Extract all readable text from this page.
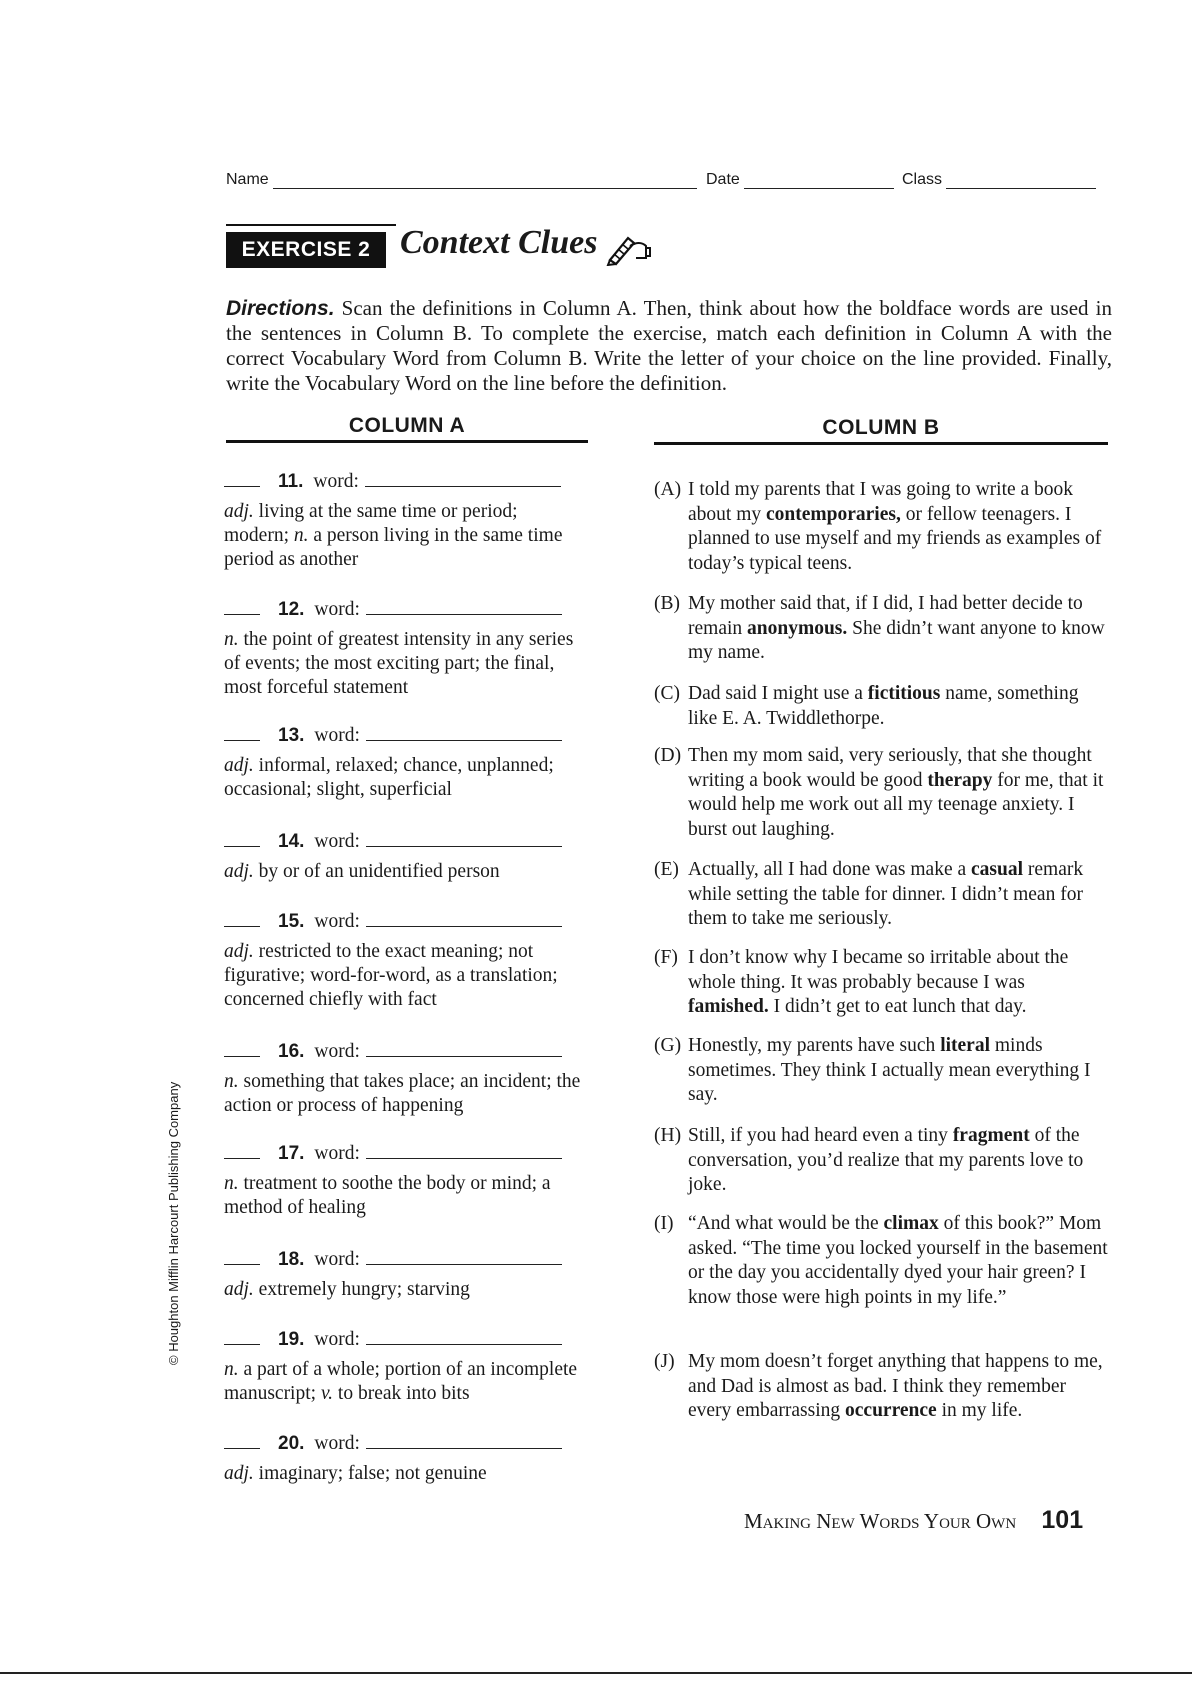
Name	Date	Class
EXERCISE 2 Context Clues
Directions. Scan the definitions in Column A. Then, think about how the boldface words are used in the sentences in Column B. To complete the exercise, match each definition in Column A with the correct Vocabulary Word from Column B. Write the letter of your choice on the line provided. Finally, write the Vocabulary Word on the line before the definition.
COLUMN A	COLUMN B
11. word:
adj. living at the same time or period; modern; n. a person living in the same time period as another
12. word:
n. the point of greatest intensity in any series of events; the most exciting part; the final, most forceful statement
13. word:
adj. informal, relaxed; chance, unplanned; occasional; slight, superficial
14. word:
adj. by or of an unidentified person
15. word:
adj. restricted to the exact meaning; not figurative; word-for-word, as a translation; concerned chiefly with fact
16. word:
n. something that takes place; an incident; the action or process of happening
17. word:
n. treatment to soothe the body or mind; a method of healing
18. word:
adj. extremely hungry; starving
19. word:
n. a part of a whole; portion of an incomplete manuscript; v. to break into bits
20. word:
adj. imaginary; false; not genuine
(A) I told my parents that I was going to write a book about my contemporaries, or fellow teenagers. I planned to use myself and my friends as examples of today’s typical teens.
(B) My mother said that, if I did, I had better decide to remain anonymous. She didn’t want anyone to know my name.
(C) Dad said I might use a fictitious name, something like E. A. Twiddlethorpe.
(D) Then my mom said, very seriously, that she thought writing a book would be good therapy for me, that it would help me work out all my teenage anxiety. I burst out laughing.
(E) Actually, all I had done was make a casual remark while setting the table for dinner. I didn’t mean for them to take me seriously.
(F) I don’t know why I became so irritable about the whole thing. It was probably because I was famished. I didn’t get to eat lunch that day.
(G) Honestly, my parents have such literal minds sometimes. They think I actually mean everything I say.
(H) Still, if you had heard even a tiny fragment of the conversation, you’d realize that my parents love to joke.
(I) “And what would be the climax of this book?” Mom asked. “The time you locked yourself in the basement or the day you accidentally dyed your hair green? I know those were high points in my life.”
(J) My mom doesn’t forget anything that happens to me, and Dad is almost as bad. I think they remember every embarrassing occurrence in my life.
© Houghton Mifflin Harcourt Publishing Company
Making New Words Your Own 101
